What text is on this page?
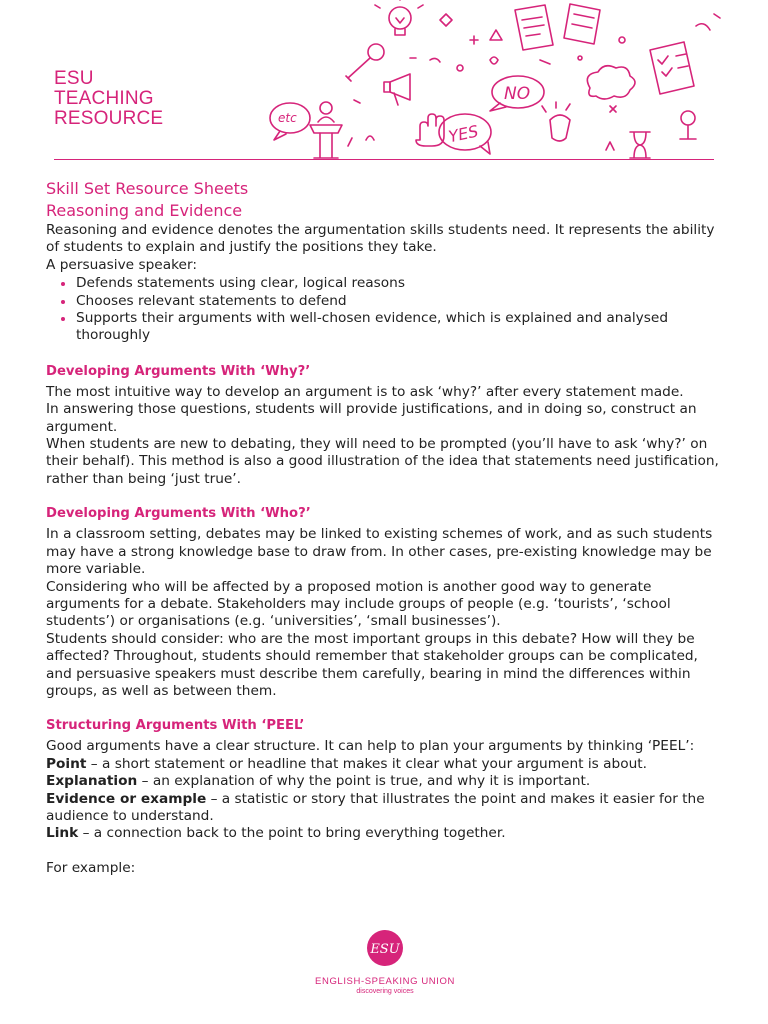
ESU
TEACHING
RESOURCE	etc
NO
YES
Skill Set Resource Sheets
Reasoning and Evidence

Reasoning and evidence denotes the argumentation skills students need. It represents the ability of students to explain and justify the positions they take.

A persuasive speaker:

Defends statements using clear, logical reasons
Chooses relevant statements to defend
Supports their arguments with well-chosen evidence, which is explained and analysed thoroughly
Developing Arguments With ‘Why?’

The most intuitive way to develop an argument is to ask ‘why?’ after every statement made.

In answering those questions, students will provide justifications, and in doing so, construct an argument.

When students are new to debating, they will need to be prompted (you’ll have to ask ‘why?’ on their behalf). This method is also a good illustration of the idea that statements need justification, rather than being ‘just true’.

Developing Arguments With ‘Who?’

In a classroom setting, debates may be linked to existing schemes of work, and as such students may have a strong knowledge base to draw from. In other cases, pre-existing knowledge may be more variable.

Considering who will be affected by a proposed motion is another good way to generate arguments for a debate. Stakeholders may include groups of people (e.g. ‘tourists’, ‘school students’) or organisations (e.g. ‘universities’, ‘small businesses’).

Students should consider: who are the most important groups in this debate? How will they be affected? Throughout, students should remember that stakeholder groups can be complicated, and persuasive speakers must describe them carefully, bearing in mind the differences within groups, as well as between them.

Structuring Arguments With ‘PEEL’

Good arguments have a clear structure. It can help to plan your arguments by thinking ‘PEEL’:

Point – a short statement or headline that makes it clear what your argument is about.

Explanation – an explanation of why the point is true, and why it is important.

Evidence or example – a statistic or story that illustrates the point and makes it easier for the audience to understand.

Link – a connection back to the point to bring everything together.

For example:

ESU
ENGLISH-SPEAKING UNION
discovering voices
